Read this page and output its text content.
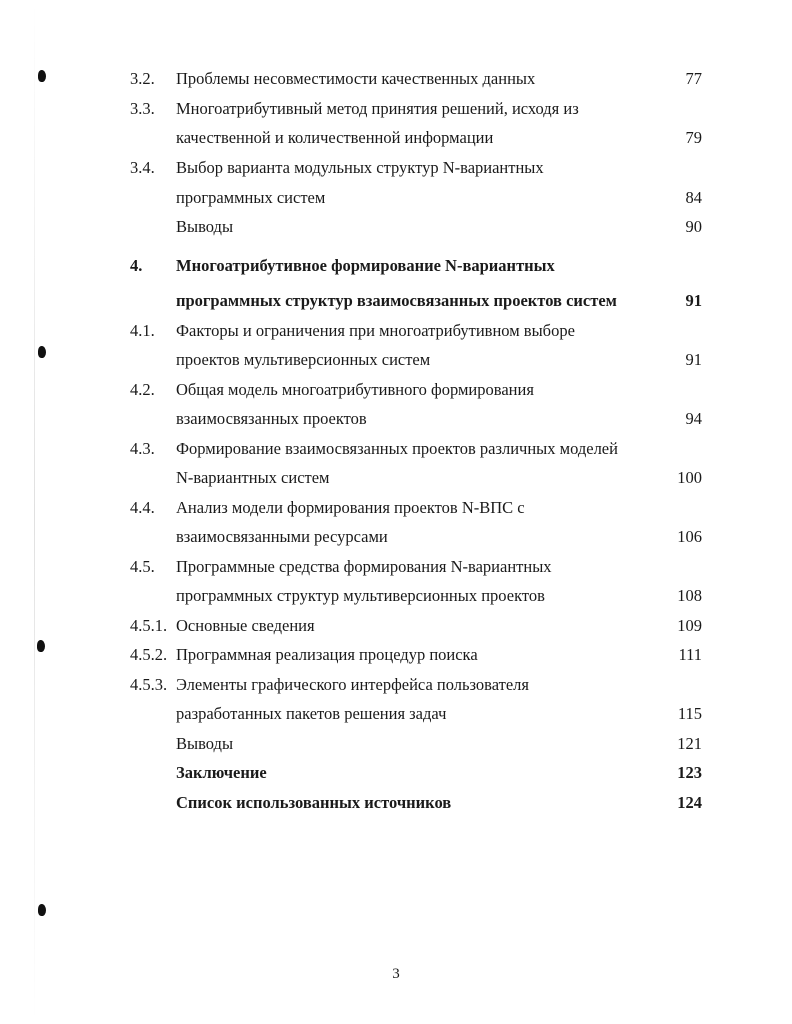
3.2. Проблемы несовместимости качественных данных	77
3.3. Многоатрибутивный метод принятия решений, исходя из
качественной и количественной информации	79
3.4. Выбор варианта модульных структур N-вариантных
программных систем	84
Выводы	90
4. Многоатрибутивное формирование N-вариантных
программных структур взаимосвязанных проектов систем	91
4.1. Факторы и ограничения при многоатрибутивном выборе
проектов мультиверсионных систем	91
4.2. Общая модель многоатрибутивного формирования
взаимосвязанных проектов	94
4.3. Формирование взаимосвязанных проектов различных моделей
N-вариантных систем	100
4.4. Анализ модели формирования проектов N-ВПС с
взаимосвязанными ресурсами	106
4.5. Программные средства формирования N-вариантных
программных структур мультиверсионных проектов	108
4.5.1. Основные сведения	109
4.5.2. Программная реализация процедур поиска	111
4.5.3. Элементы графического интерфейса пользователя
разработанных пакетов решения задач	115
Выводы	121
Заключение	123
Список использованных источников	124
3
